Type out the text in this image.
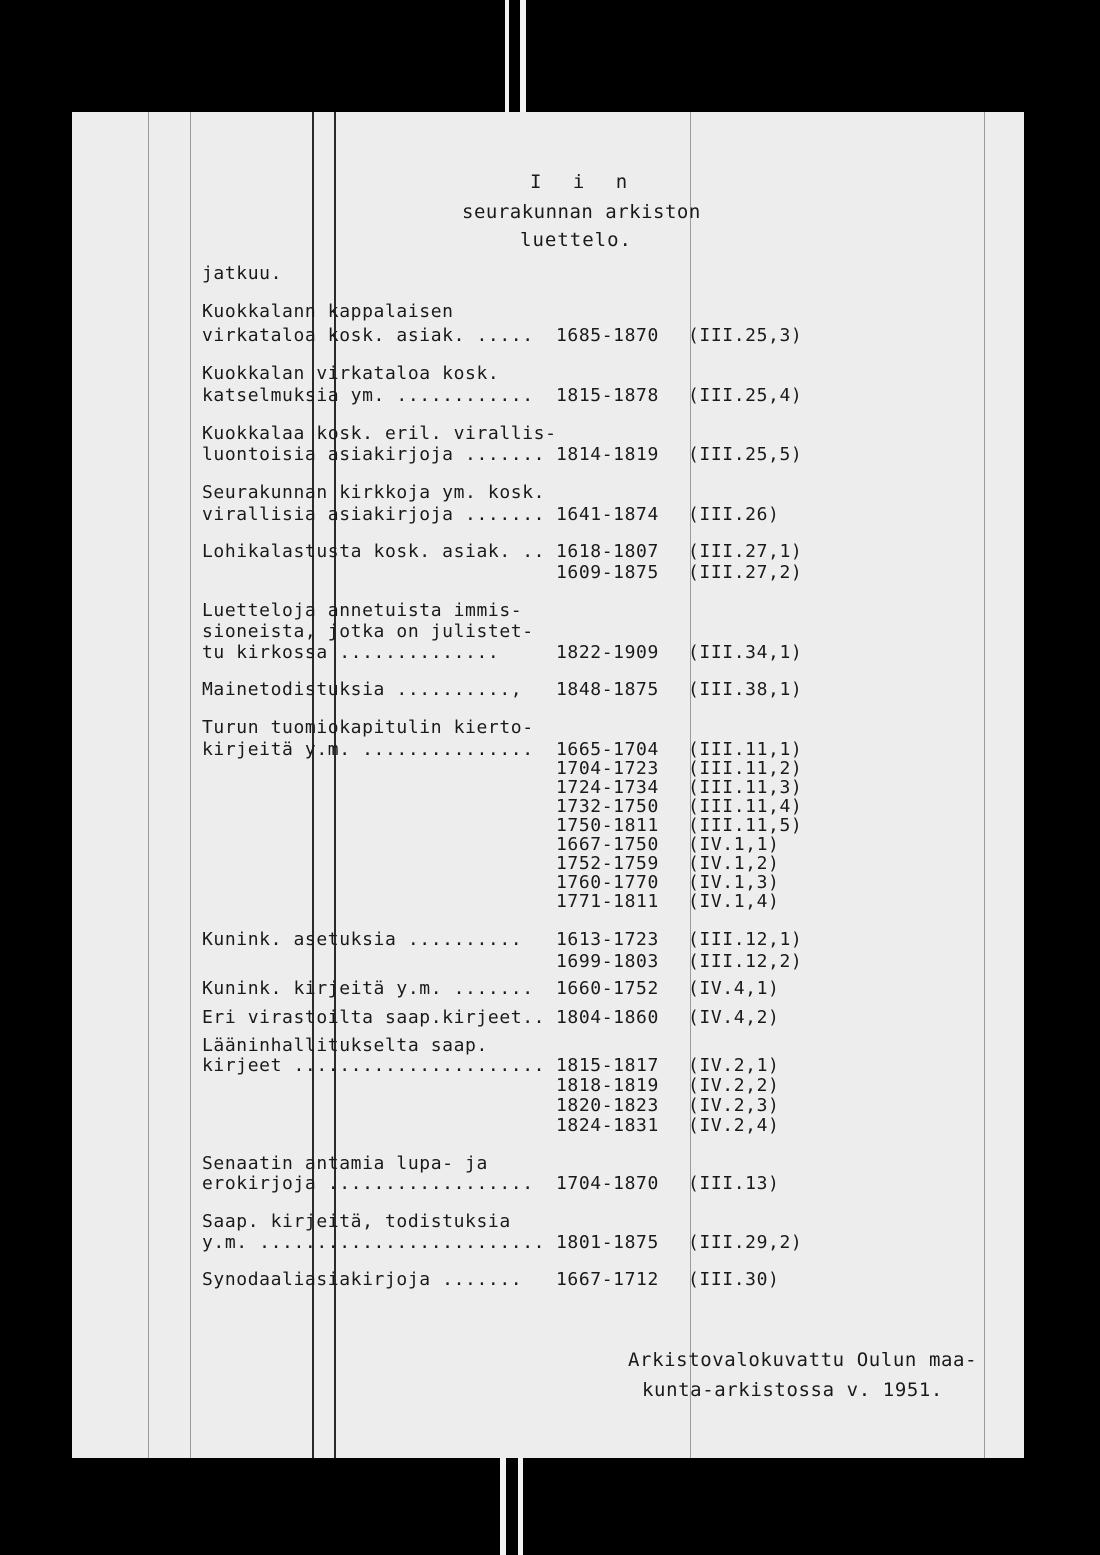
I i n
seurakunnan arkiston
luettelo.
jatkuu.
Kuokkalann kappalaisen
virkataloa kosk. asiak. ..... 1685-1870 (III.25,3)
Kuokkalan virkataloa kosk.
katselmuksia ym. ............ 1815-1878 (III.25,4)
Kuokkalaa kosk. eril. virallis-
luontoisia asiakirjoja ....... 1814-1819 (III.25,5)
Seurakunnan kirkkoja ym. kosk.
virallisia asiakirjoja ....... 1641-1874 (III.26)
Lohikalastusta kosk. asiak. .. 1618-1807 (III.27,1)
1609-1875 (III.27,2)
Luetteloja annetuista immis-
sioneista, jotka on julistet-
tu kirkossa ..............	1822-1909 (III.34,1)
Mainetodistuksia .........., 1848-1875 (III.38,1)
Turun tuomiokapitulin kierto-
kirjeitä y.m. ............... 1665-1704 (III.11,1)
1704-1723 (III.11,2)
1724-1734 (III.11,3)
1732-1750 (III.11,4)
1750-1811 (III.11,5)
1667-1750 (IV.1,1)
1752-1759 (IV.1,2)
1760-1770 (IV.1,3)
1771-1811 (IV.1,4)
Kunink. asetuksia .......... 1613-1723 (III.12,1)
1699-1803 (III.12,2)
Kunink. kirjeitä y.m. ....... 1660-1752 (IV.4,1)
Eri virastoilta saap.kirjeet.. 1804-1860 (IV.4,2)
Lääninhallitukselta saap.
kirjeet ...................... 1815-1817 (IV.2,1)
1818-1819 (IV.2,2)
1820-1823 (IV.2,3)
1824-1831 (IV.2,4)
Senaatin antamia lupa- ja
erokirjoja .................. 1704-1870 (III.13)
Saap. kirjeitä, todistuksia
y.m. ......................... 1801-1875 (III.29,2)
Synodaaliasiakirjoja ....... 1667-1712 (III.30)
Arkistovalokuvattu Oulun maa-
kunta-arkistossa v. 1951.
